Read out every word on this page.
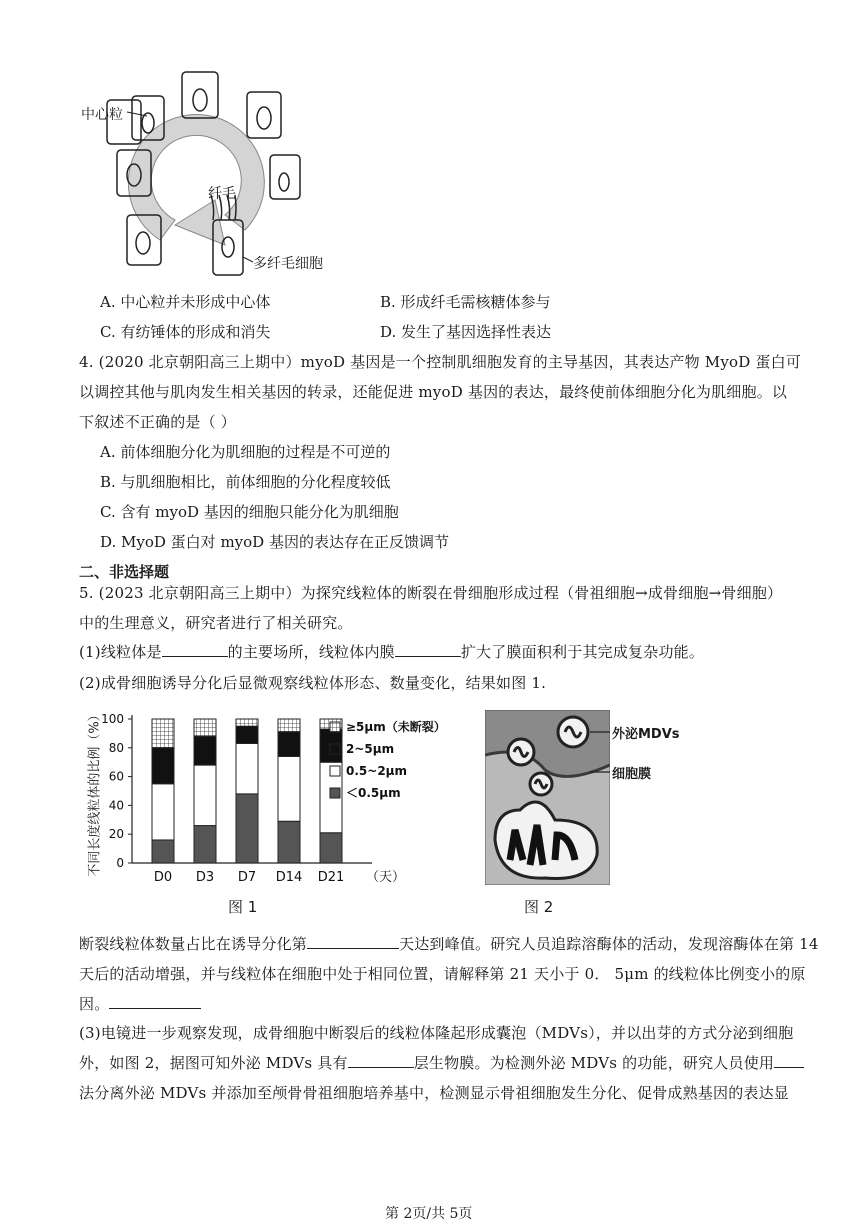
中心粒
纤毛
多纤毛细胞
A. 中心粒并未形成中心体	B. 形成纤毛需核糖体参与
C. 有纺锤体的形成和消失	D. 发生了基因选择性表达
4. (2020 北京朝阳高三上期中）myoD 基因是一个控制肌细胞发育的主导基因，其表达产物 MyoD 蛋白可
以调控其他与肌肉发生相关基因的转录，还能促进 myoD 基因的表达，最终使前体细胞分化为肌细胞。以
下叙述不正确的是（ ）
A. 前体细胞分化为肌细胞的过程是不可逆的
B. 与肌细胞相比，前体细胞的分化程度较低
C. 含有 myoD 基因的细胞只能分化为肌细胞
D. MyoD 蛋白对 myoD 基因的表达存在正反馈调节
二、非选择题
5. (2023 北京朝阳高三上期中）为探究线粒体的断裂在骨细胞形成过程（骨祖细胞→成骨细胞→骨细胞）
中的生理意义，研究者进行了相关研究。
(1)线粒体是	的主要场所，线粒体内膜	扩大了膜面积利于其完成复杂功能。
(2)成骨细胞诱导分化后显微观察线粒体形态、数量变化，结果如图 1.
0
20
40
60
80
100
D0 D3 D7 D14 D21 （天）
≥5μm（未断裂）
2~5μm
0.5~2μm
＜0.5μm
不同长度线粒体的比例（%）
图 1
外泌MDVs
细胞膜
图 2
断裂线粒体数量占比在诱导分化第	天达到峰值。研究人员追踪溶酶体的活动，发现溶酶体在第 14
天后的活动增强，并与线粒体在细胞中处于相同位置，请解释第 21 天小于 0． 5μm 的线粒体比例变小的原
因。
(3)电镜进一步观察发现，成骨细胞中断裂后的线粒体隆起形成囊泡（MDVs），并以出芽的方式分泌到细胞
外，如图 2，据图可知外泌 MDVs 具有	层生物膜。为检测外泌 MDVs 的功能，研究人员使用
法分离外泌 MDVs 并添加至颅骨骨祖细胞培养基中，检测显示骨祖细胞发生分化、促骨成熟基因的表达显
第 2页/共 5页
